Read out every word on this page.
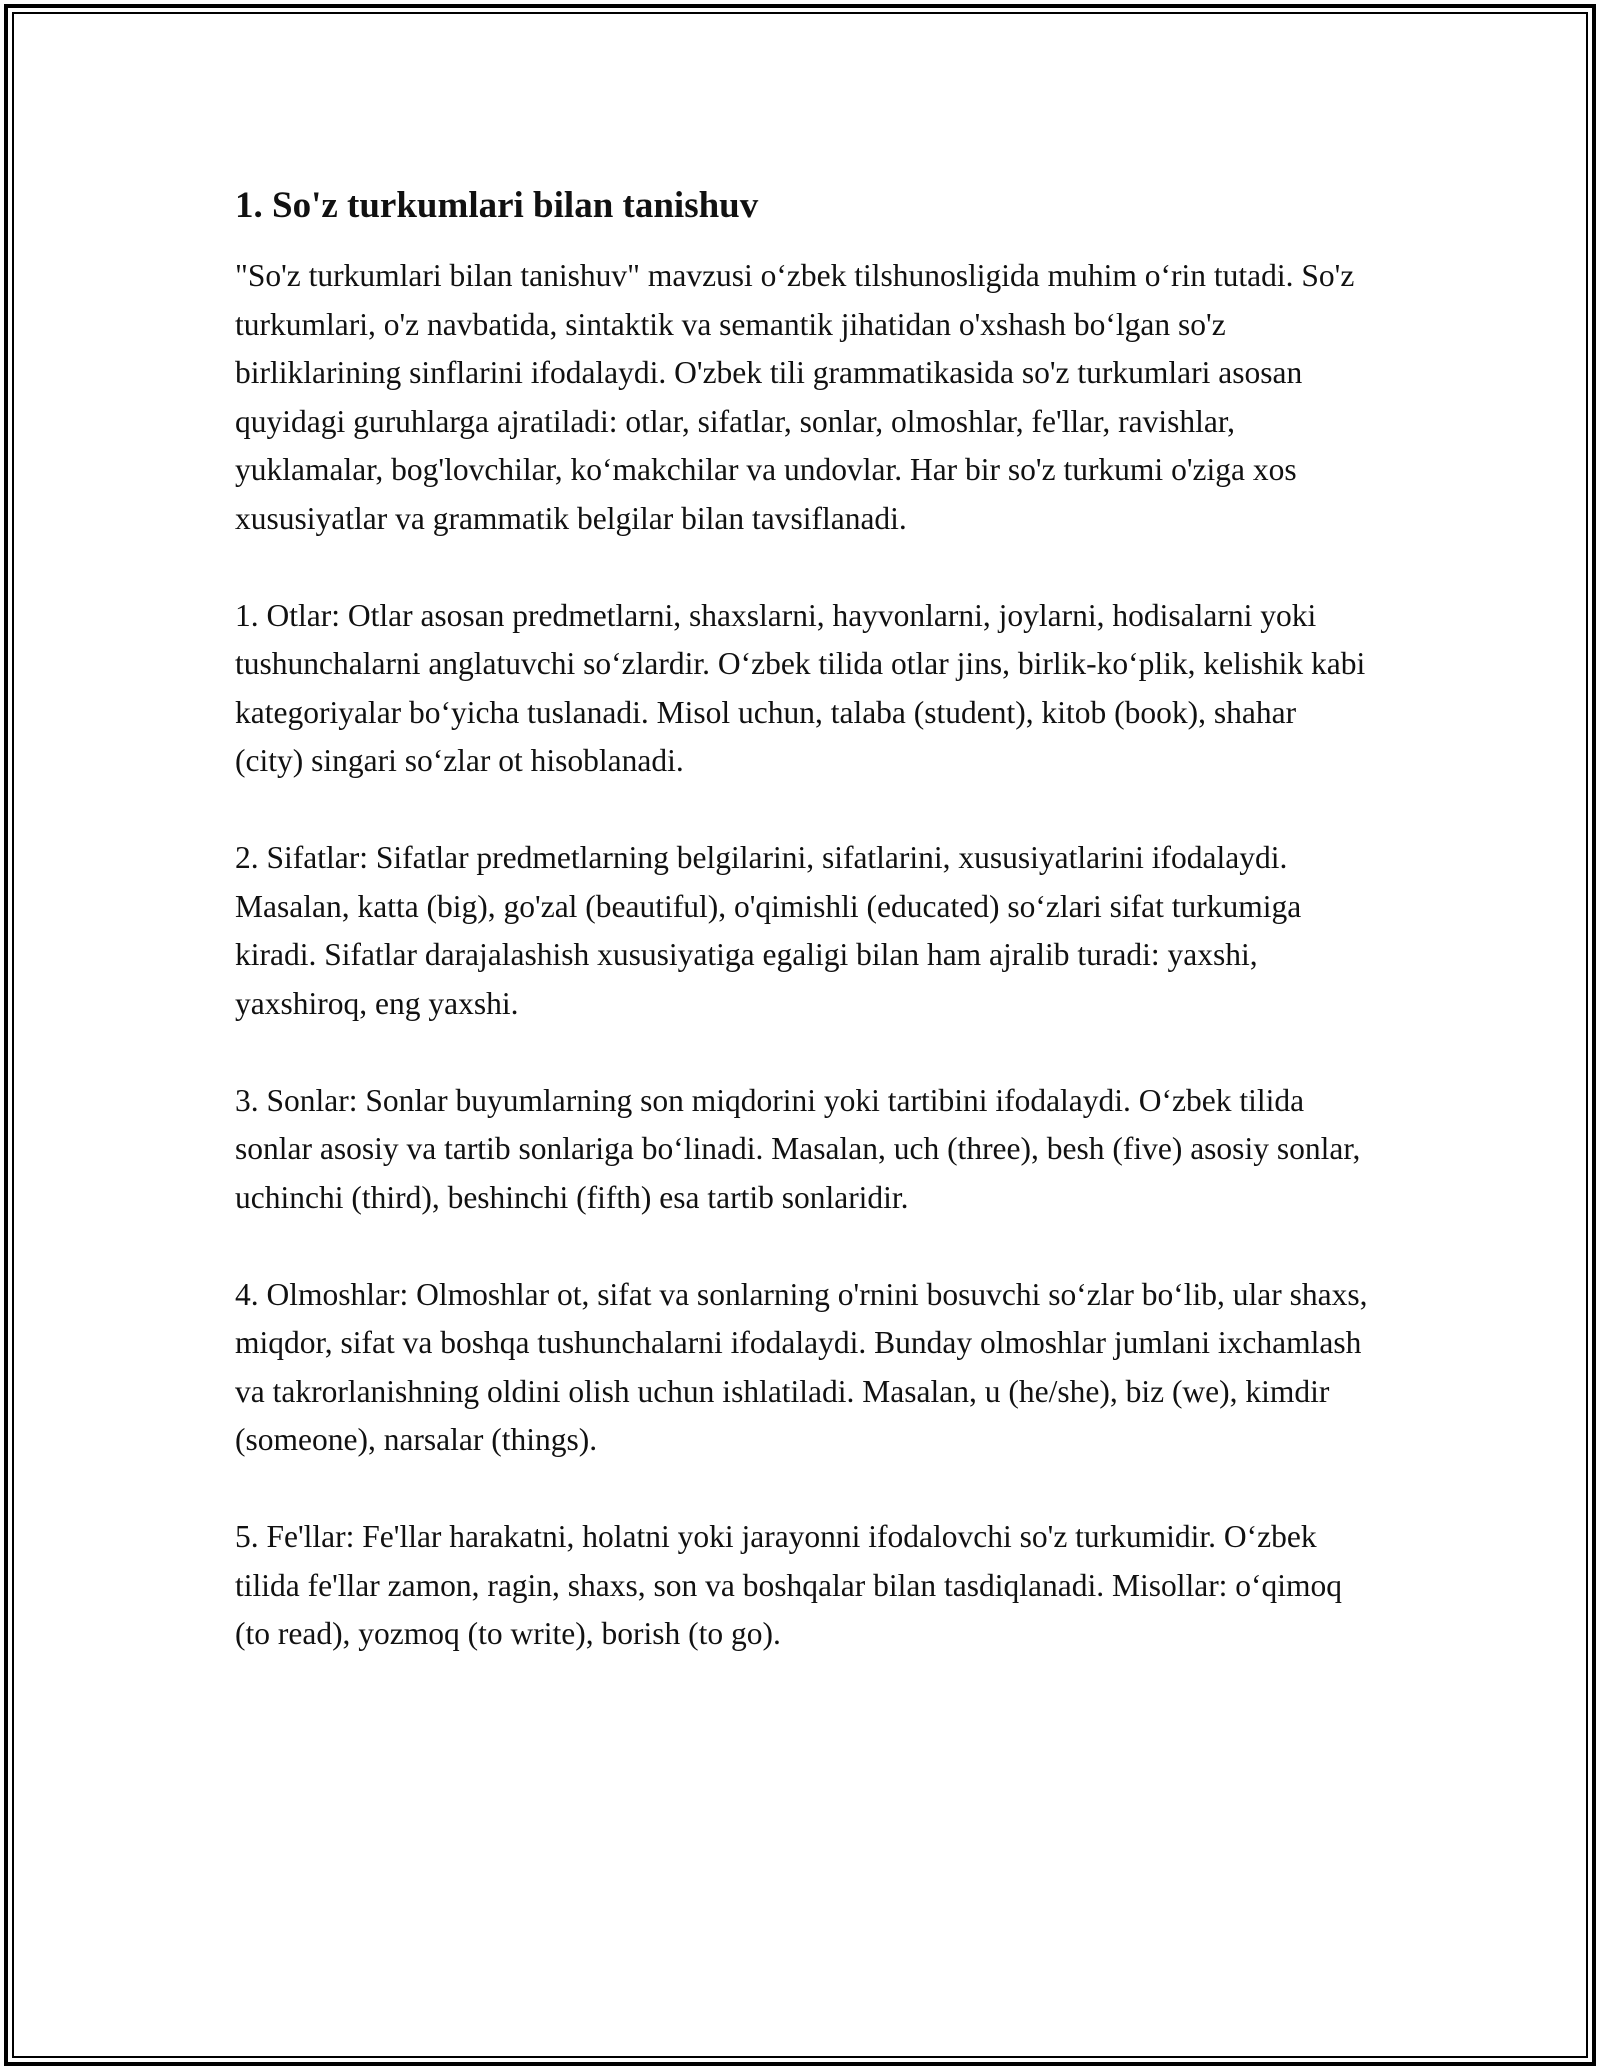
1. So'z turkumlari bilan tanishuv

"So'z turkumlari bilan tanishuv" mavzusi o‘zbek tilshunosligida muhim o‘rin tutadi. So'z turkumlari, o'z navbatida, sintaktik va semantik jihatidan o'xshash bo‘lgan so'z birliklarining sinflarini ifodalaydi. O'zbek tili grammatikasida so'z turkumlari asosan quyidagi guruhlarga ajratiladi: otlar, sifatlar, sonlar, olmoshlar, fe'llar, ravishlar, yuklamalar, bog'lovchilar, ko‘makchilar va undovlar. Har bir so'z turkumi o'ziga xos xususiyatlar va grammatik belgilar bilan tavsiflanadi.

1. Otlar: Otlar asosan predmetlarni, shaxslarni, hayvonlarni, joylarni, hodisalarni yoki tushunchalarni anglatuvchi so‘zlardir. O‘zbek tilida otlar jins, birlik-ko‘plik, kelishik kabi kategoriyalar bo‘yicha tuslanadi. Misol uchun, talaba (student), kitob (book), shahar (city) singari so‘zlar ot hisoblanadi.

2. Sifatlar: Sifatlar predmetlarning belgilarini, sifatlarini, xususiyatlarini ifodalaydi. Masalan, katta (big), go'zal (beautiful), o'qimishli (educated) so‘zlari sifat turkumiga kiradi. Sifatlar darajalashish xususiyatiga egaligi bilan ham ajralib turadi: yaxshi, yaxshiroq, eng yaxshi.

3. Sonlar: Sonlar buyumlarning son miqdorini yoki tartibini ifodalaydi. O‘zbek tilida sonlar asosiy va tartib sonlariga bo‘linadi. Masalan, uch (three), besh (five) asosiy sonlar, uchinchi (third), beshinchi (fifth) esa tartib sonlaridir.

4. Olmoshlar: Olmoshlar ot, sifat va sonlarning o'rnini bosuvchi so‘zlar bo‘lib, ular shaxs, miqdor, sifat va boshqa tushunchalarni ifodalaydi. Bunday olmoshlar jumlani ixchamlash va takrorlanishning oldini olish uchun ishlatiladi. Masalan, u (he/she), biz (we), kimdir (someone), narsalar (things).

5. Fe'llar: Fe'llar harakatni, holatni yoki jarayonni ifodalovchi so'z turkumidir. O‘zbek tilida fe'llar zamon, ragin, shaxs, son va boshqalar bilan tasdiqlanadi. Misollar: o‘qimoq (to read), yozmoq (to write), borish (to go).
